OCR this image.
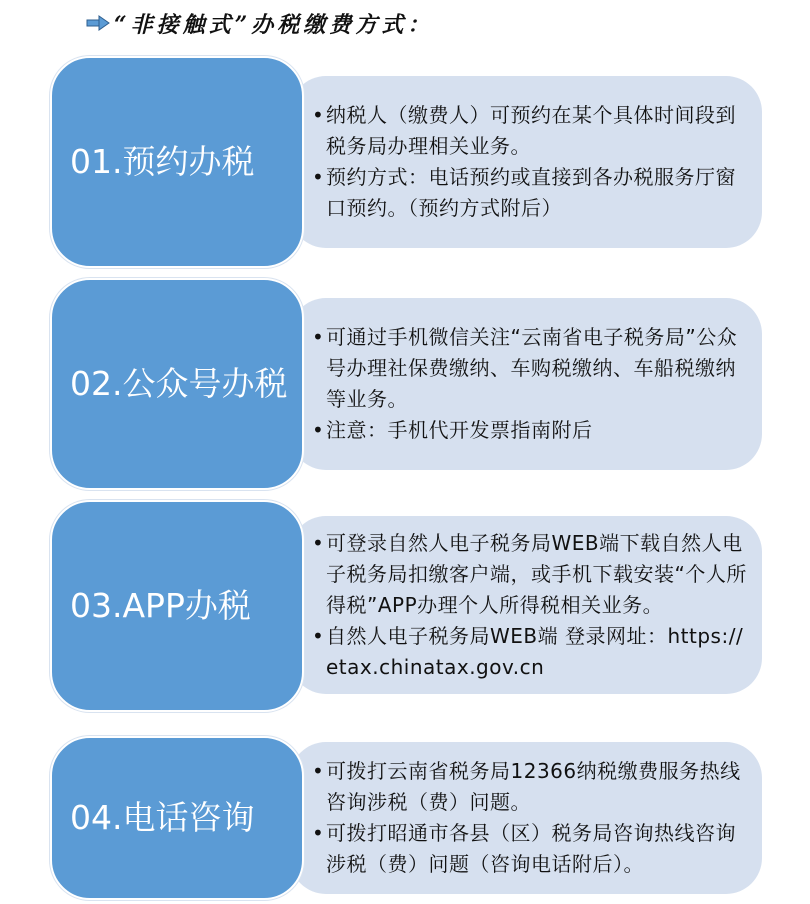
“非接触式”办税缴费方式：
• 纳税人（缴费人）可预约在某个具体时间段到税务局办理相关业务。
• 预约方式：电话预约或直接到各办税服务厅窗口预约。（预约方式附后）
01.预约办税
• 可通过手机微信关注“云南省电子税务局”公众号办理社保费缴纳、车购税缴纳、车船税缴纳等业务。
• 注意：手机代开发票指南附后
02.公众号办税
• 可登录自然人电子税务局WEB端下载自然人电子税务局扣缴客户端，或手机下载安装“个人所得税”APP办理个人所得税相关业务。
• 自然人电子税务局WEB端 登录网址：https://etax.chinatax.gov.cn
03.APP办税
• 可拨打云南省税务局12366纳税缴费服务热线咨询涉税（费）问题。
• 可拨打昭通市各县（区）税务局咨询热线咨询涉税（费）问题（咨询电话附后）。
04.电话咨询
